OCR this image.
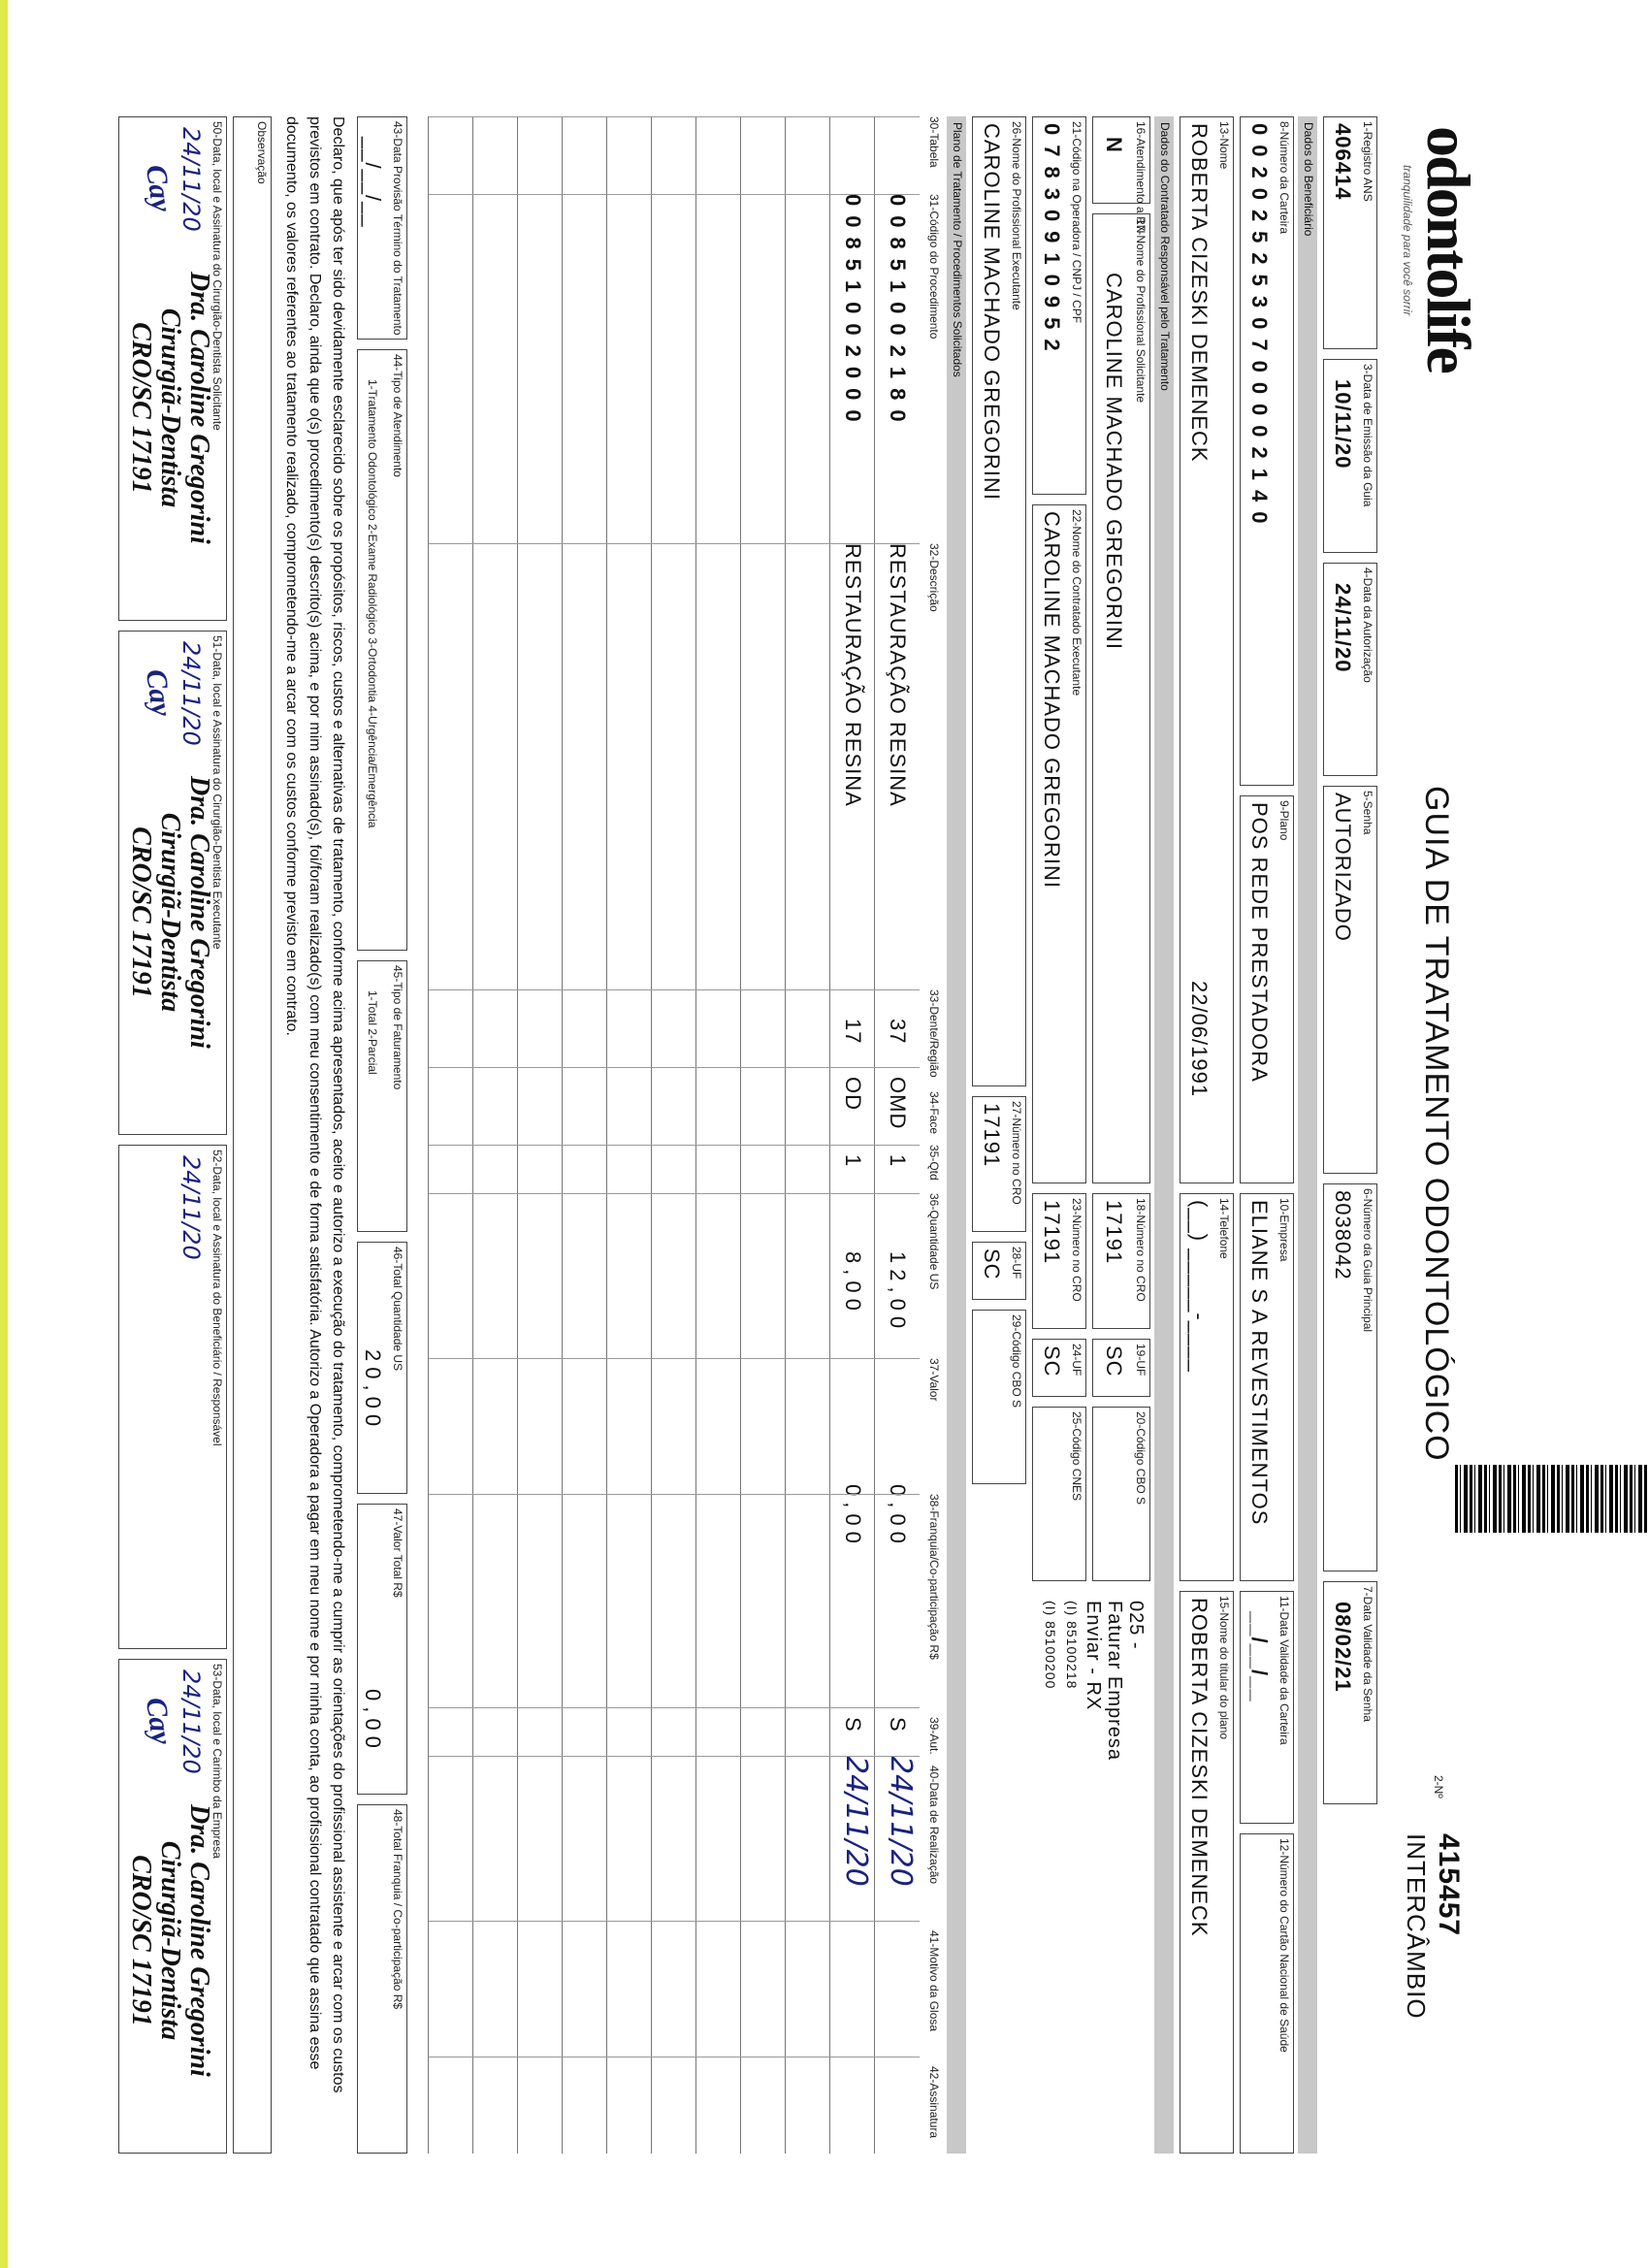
odontolife
tranquilidade para você sorrir
GUIA DE TRATAMENTO ODONTOLÓGICO
2-Nº
415457
INTERCÂMBIO
1-Registro ANS
406414
3-Data de Emissão da Guia
10/11/20
4-Data da Autorização
24/11/20
5-Senha
AUTORIZADO
6-Número da Guia Principal
8038042
7-Data Validade da Senha
08/02/21
Dados do Beneficiário
8-Número da Carteira
0020252530700002140
9-Plano
POS REDE PRESTADORA
10-Empresa
ELIANE S A REVESTIMENTOS
11-Data Validade da Carteira
__/__/__
12-Número do Cartão Nacional de Saúde
13-Nome
ROBERTA CIZESKI DEMENECK
22/06/1991
14-Telefone
(__) _____-____
15-Nome do titular do plano
ROBERTA CIZESKI DEMENECK
Dados do Contratado Responsável pelo Tratamento
16-Atendimento a RN
N
17-Nome do Profissional Solicitante
CAROLINE MACHADO GREGORINI
18-Número no CRO
17191
19-UF
SC
20-Código CBO S
025 -
Faturar Empresa
Enviar - RX
(I) 85100218
(I) 85100200
21-Código na Operadora / CNPJ / CPF
07830910952
22-Nome do Contratado Executante
CAROLINE MACHADO GREGORINI
23-Número no CRO
17191
24-UF
SC
25-Código CNES
26-Nome do Profissional Executante
CAROLINE MACHADO GREGORINI
27-Número no CRO
17191
28-UF
SC
29-Código CBO S
Plano de Tratamento / Procedimentos Solicitados
30-Tabela
31-Código do Procedimento
32-Descrição
33-Dente/Região
34-Face
35-Qtd
36-Quantidade US
37-Valor
38-Franquia/Co-participação R$
39-Aut.
40-Data de Realização
41-Motivo da Glosa
42-Assinatura
00851002180
RESTAURAÇÃO RESINA
37
OMD
1
12,00
0,00
S
24/11/20
00851002000
RESTAURAÇÃO RESINA
17
OD
1
8,00
0,00
S
24/11/20
43-Data Provisão Término do Tratamento
__/__/__
44-Tipo de Atendimento
1-Tratamento Odontológico 2-Exame Radiológico 3-Ortodontia 4-Urgência/Emergência
45-Tipo de Faturamento
1-Total 2-Parcial
46-Total Quantidade US
20,00
47-Valor Total R$
0,00
48-Total Franquia / Co-participação R$
Declaro, que após ter sido devidamente esclarecido sobre os propósitos, riscos, custos e alternativas de tratamento, conforme acima apresentados, aceito e autorizo a execução do tratamento, comprometendo-me a cumprir as orientações do profissional assistente e arcar com os custos previstos em contrato. Declaro, ainda que o(s) procedimento(s) descrito(s) acima, e por mim assinado(s), foi/foram realizado(s) com meu consentimento e de forma satisfatória. Autorizo a Operadora a pagar em meu nome e por minha conta, ao profissional contratado que assina esse documento, os valores referentes ao tratamento realizado, comprometendo-me a arcar com os custos conforme previsto em contrato.
Observação
50-Data, local e Assinatura do Cirurgião-Dentista Solicitante
24/11/20
51-Data, local e Assinatura do Cirurgião-Dentista Executante
24/11/20
52-Data, local e Assinatura do Beneficiário / Responsável
24/11/20
53-Data, local e Carimbo da Empresa
24/11/20
Dra. Caroline Gregorini
Cirurgiã-Dentista
CRO/SC 17191
Dra. Caroline Gregorini
Cirurgiã-Dentista
CRO/SC 17191
Dra. Caroline Gregorini
Cirurgiã-Dentista
CRO/SC 17191
Cay
Cay
Cay
